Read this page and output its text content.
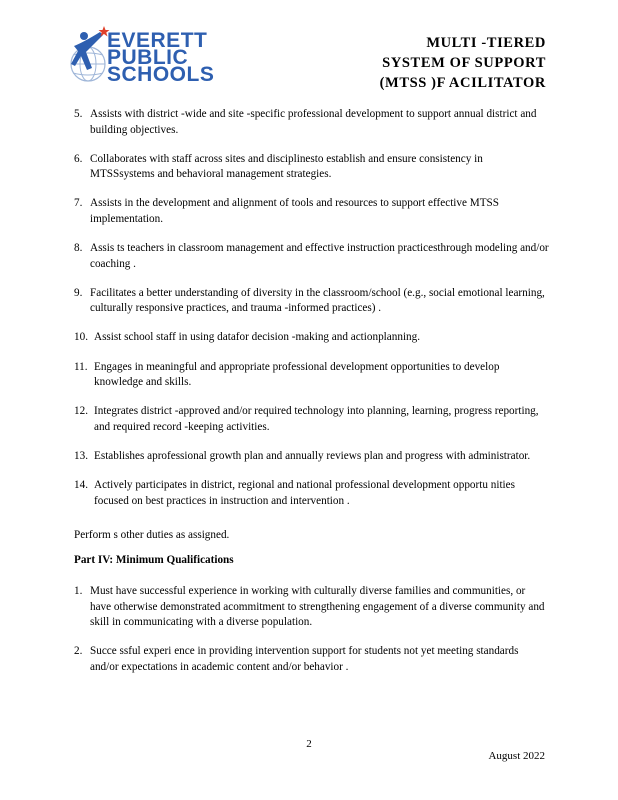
EVERETT
PUBLIC
SCHOOLS
MULTI -TIERED
SYSTEM OF SUPPORT
(MTSS )F ACILITATOR
5. Assists with district -wide and site -specific professional development to support annual district and building objectives.
6. Collaborates with staff across sites and disciplinesto establish and ensure consistency in MTSSsystems and behavioral management strategies.
7. Assists in the development and alignment of tools and resources to support effective MTSS implementation.
8. Assis ts teachers in classroom management and effective instruction practicesthrough modeling and/or coaching .
9. Facilitates a better understanding of diversity in the classroom/school (e.g., social emotional learning, culturally responsive practices, and trauma -informed practices) .
10. Assist school staff in using datafor decision -making and actionplanning.
11. Engages in meaningful and appropriate professional development opportunities to develop knowledge and skills.
12. Integrates district -approved and/or required technology into planning, learning, progress reporting, and required record -keeping activities.
13. Establishes aprofessional growth plan and annually reviews plan and progress with administrator.
14. Actively participates in district, regional and national professional development opportu nities focused on best practices in instruction and intervention .
Perform s other duties as assigned.
Part IV: Minimum Qualifications
1. Must have successful experience in working with culturally diverse families and communities, or have otherwise demonstrated acommitment to strengthening engagement of a diverse community and skill in communicating with a diverse population.
2. Succe ssful experi ence in providing intervention support for students not yet meeting standards and/or expectations in academic content and/or behavior .
2
August 2022
